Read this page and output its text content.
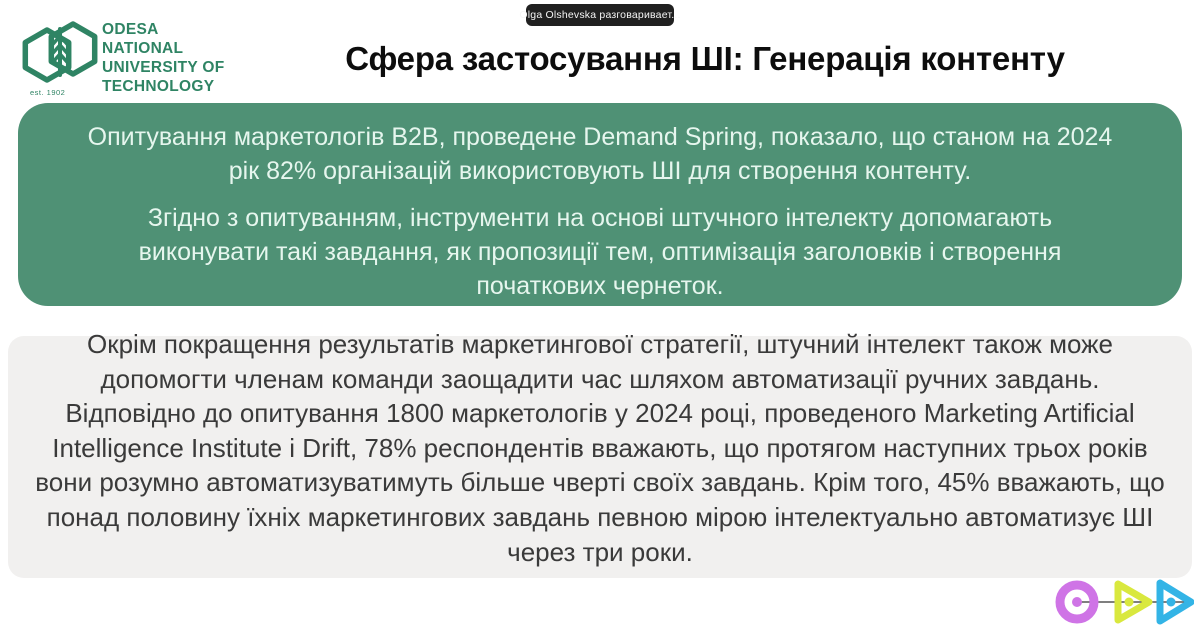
Olga Olshevska разговаривает...
est. 1902
ODESA
NATIONAL
UNIVERSITY OF
TECHNOLOGY
Сфера застосування ШІ: Генерація контенту

Опитування маркетологів B2B, проведене Demand Spring, показало, що станом на 2024 рік 82% організацій використовують ШІ для створення контенту.

Згідно з опитуванням, інструменти на основі штучного інтелекту допомагають виконувати такі завдання, як пропозиції тем, оптимізація заголовків і створення початкових чернеток.

Окрім покращення результатів маркетингової стратегії, штучний інтелект також може допомогти членам команди заощадити час шляхом автоматизації ручних завдань. Відповідно до опитування 1800 маркетологів у 2024 році, проведеного Marketing Artificial Intelligence Institute і Drift, 78% респондентів вважають, що протягом наступних трьох років вони розумно автоматизуватимуть більше чверті своїх завдань. Крім того, 45% вважають, що понад половину їхніх маркетингових завдань певною мірою інтелектуально автоматизує ШІ через три роки.
